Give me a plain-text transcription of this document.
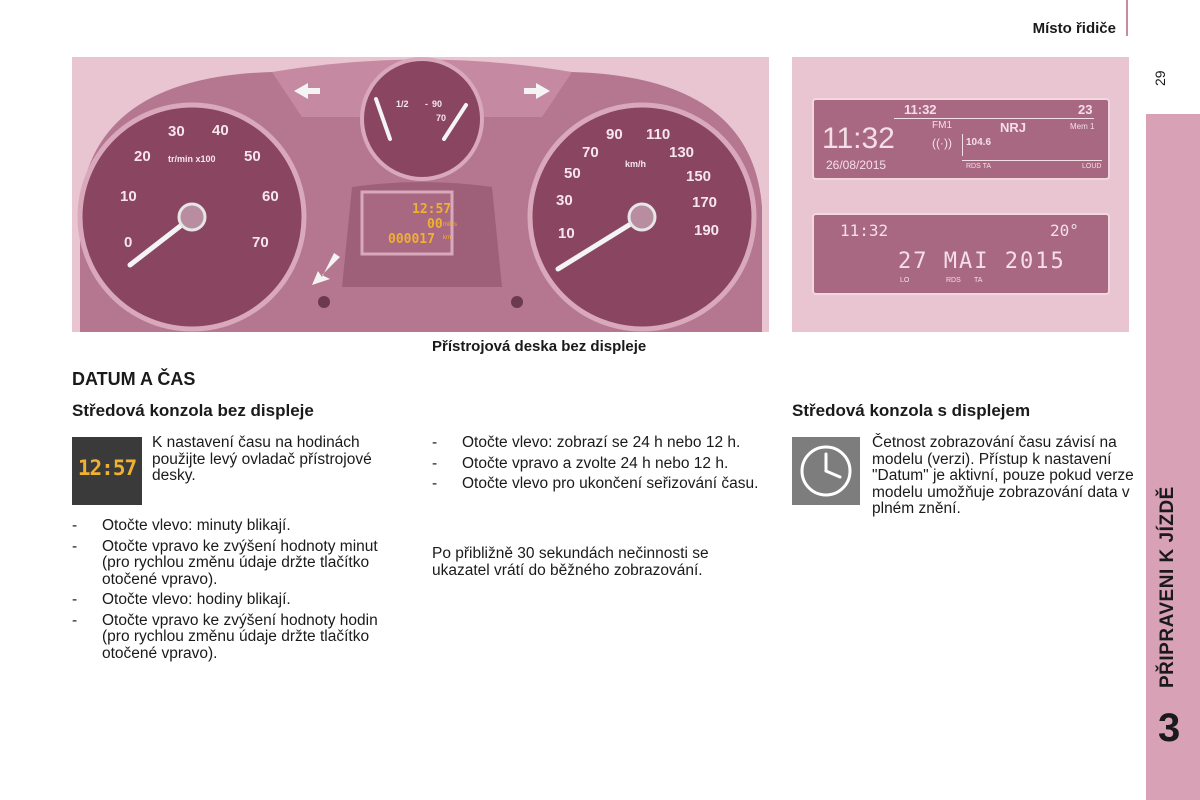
Místo řidiče
29
PŘIPRAVENI K JÍZDĚ
3
0
10
20
30 40
50
60
70
tr/min x100
10
30
50
70
90 110
130
150
170
190
km/h
1/2 - 90
70
12:57
00
000017
miles
km
Přístrojová deska bez displeje
11:32	23
11:32
26/08/2015
FM1	NRJ	Mem 1
((·)) 104.6
RDS TA	LOUD
11:32	20°
27 MAI 2015
LO	RDS TA
DATUM A ČAS
Středová konzola bez displeje	Středová konzola s displejem
12:57
K nastavení času na hodinách použijte levý ovladač přístrojové desky.
- Otočte vlevo: minuty blikají.
- Otočte vpravo ke zvýšení hodnoty minut (pro rychlou změnu údaje držte tlačítko otočené vpravo).
- Otočte vlevo: hodiny blikají.
- Otočte vpravo ke zvýšení hodnoty hodin (pro rychlou změnu údaje držte tlačítko otočené vpravo).
- Otočte vlevo: zobrazí se 24 h nebo 12 h.
- Otočte vpravo a zvolte 24 h nebo 12 h.
- Otočte vlevo pro ukončení seřizování času.
Po přibližně 30 sekundách nečinnosti se ukazatel vrátí do běžného zobrazování.
Četnost zobrazování času závisí na modelu (verzi). Přístup k nastavení "Datum" je aktivní, pouze pokud verze modelu umožňuje zobrazování data v plném znění.
